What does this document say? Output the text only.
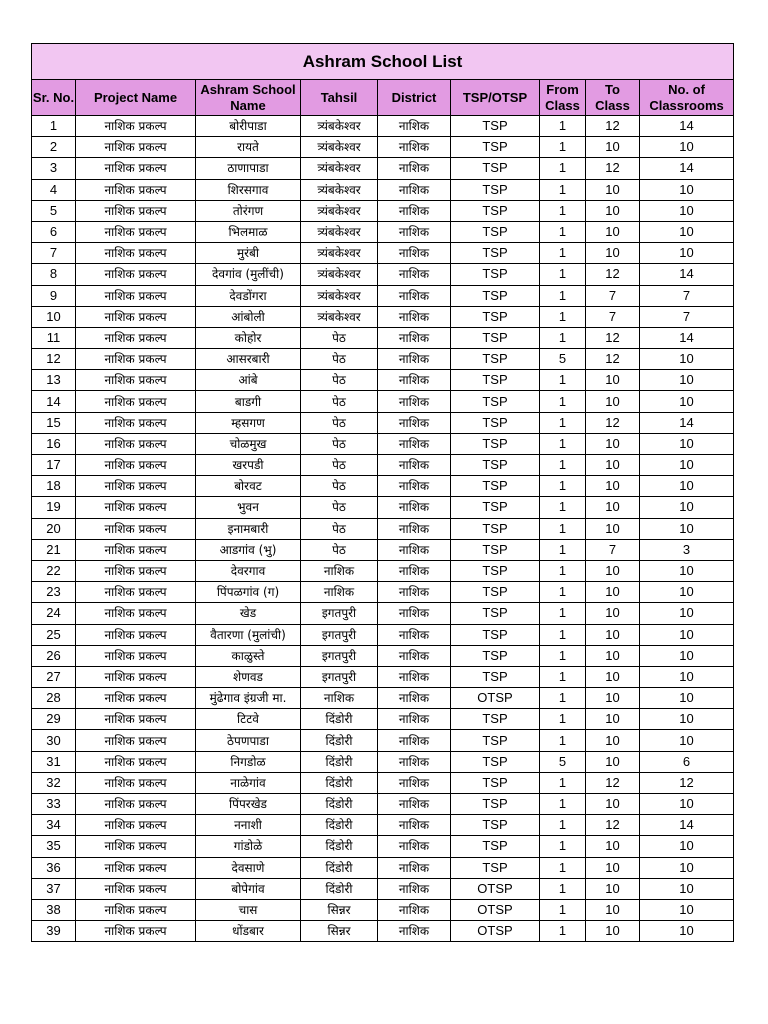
Ashram School List								
Sr. No.	Project Name	Ashram School Name	Tahsil	District	TSP/OTSP	From Class	To Class	No. of Classrooms
1	नाशिक प्रकल्प	बोरीपाडा	त्र्यंबकेश्वर	नाशिक	TSP	1	12	14
2	नाशिक प्रकल्प	रायते	त्र्यंबकेश्वर	नाशिक	TSP	1	10	10
3	नाशिक प्रकल्प	ठाणापाडा	त्र्यंबकेश्वर	नाशिक	TSP	1	12	14
4	नाशिक प्रकल्प	शिरसगाव	त्र्यंबकेश्वर	नाशिक	TSP	1	10	10
5	नाशिक प्रकल्प	तोरंगण	त्र्यंबकेश्वर	नाशिक	TSP	1	10	10
6	नाशिक प्रकल्प	भिलमाळ	त्र्यंबकेश्वर	नाशिक	TSP	1	10	10
7	नाशिक प्रकल्प	मुरंबी	त्र्यंबकेश्वर	नाशिक	TSP	1	10	10
8	नाशिक प्रकल्प	देवगांव (मुलींची)	त्र्यंबकेश्वर	नाशिक	TSP	1	12	14
9	नाशिक प्रकल्प	देवडोंगरा	त्र्यंबकेश्वर	नाशिक	TSP	1	7	7
10	नाशिक प्रकल्प	आंबोली	त्र्यंबकेश्वर	नाशिक	TSP	1	7	7
11	नाशिक प्रकल्प	कोहोर	पेठ	नाशिक	TSP	1	12	14
12	नाशिक प्रकल्प	आसरबारी	पेठ	नाशिक	TSP	5	12	10
13	नाशिक प्रकल्प	आंबे	पेठ	नाशिक	TSP	1	10	10
14	नाशिक प्रकल्प	बाडगी	पेठ	नाशिक	TSP	1	10	10
15	नाशिक प्रकल्प	म्हसगण	पेठ	नाशिक	TSP	1	12	14
16	नाशिक प्रकल्प	चोळमुख	पेठ	नाशिक	TSP	1	10	10
17	नाशिक प्रकल्प	खरपडी	पेठ	नाशिक	TSP	1	10	10
18	नाशिक प्रकल्प	बोरवट	पेठ	नाशिक	TSP	1	10	10
19	नाशिक प्रकल्प	भुवन	पेठ	नाशिक	TSP	1	10	10
20	नाशिक प्रकल्प	इनामबारी	पेठ	नाशिक	TSP	1	10	10
21	नाशिक प्रकल्प	आडगांव (भु)	पेठ	नाशिक	TSP	1	7	3
22	नाशिक प्रकल्प	देवरगाव	नाशिक	नाशिक	TSP	1	10	10
23	नाशिक प्रकल्प	पिंपळगांव (ग)	नाशिक	नाशिक	TSP	1	10	10
24	नाशिक प्रकल्प	खेड	इगतपुरी	नाशिक	TSP	1	10	10
25	नाशिक प्रकल्प	वैतारणा (मुलांची)	इगतपुरी	नाशिक	TSP	1	10	10
26	नाशिक प्रकल्प	काळुस्ते	इगतपुरी	नाशिक	TSP	1	10	10
27	नाशिक प्रकल्प	शेणवड	इगतपुरी	नाशिक	TSP	1	10	10
28	नाशिक प्रकल्प	मुंढेगाव इंग्रजी मा.	नाशिक	नाशिक	OTSP	1	10	10
29	नाशिक प्रकल्प	टिटवे	दिंडोरी	नाशिक	TSP	1	10	10
30	नाशिक प्रकल्प	ठेपणपाडा	दिंडोरी	नाशिक	TSP	1	10	10
31	नाशिक प्रकल्प	निगडोळ	दिंडोरी	नाशिक	TSP	5	10	6
32	नाशिक प्रकल्प	नाळेगांव	दिंडोरी	नाशिक	TSP	1	12	12
33	नाशिक प्रकल्प	पिंपरखेड	दिंडोरी	नाशिक	TSP	1	10	10
34	नाशिक प्रकल्प	ननाशी	दिंडोरी	नाशिक	TSP	1	12	14
35	नाशिक प्रकल्प	गांडोळे	दिंडोरी	नाशिक	TSP	1	10	10
36	नाशिक प्रकल्प	देवसाणे	दिंडोरी	नाशिक	TSP	1	10	10
37	नाशिक प्रकल्प	बोपेगांव	दिंडोरी	नाशिक	OTSP	1	10	10
38	नाशिक प्रकल्प	चास	सिन्नर	नाशिक	OTSP	1	10	10
39	नाशिक प्रकल्प	धोंडबार	सिन्नर	नाशिक	OTSP	1	10	10
